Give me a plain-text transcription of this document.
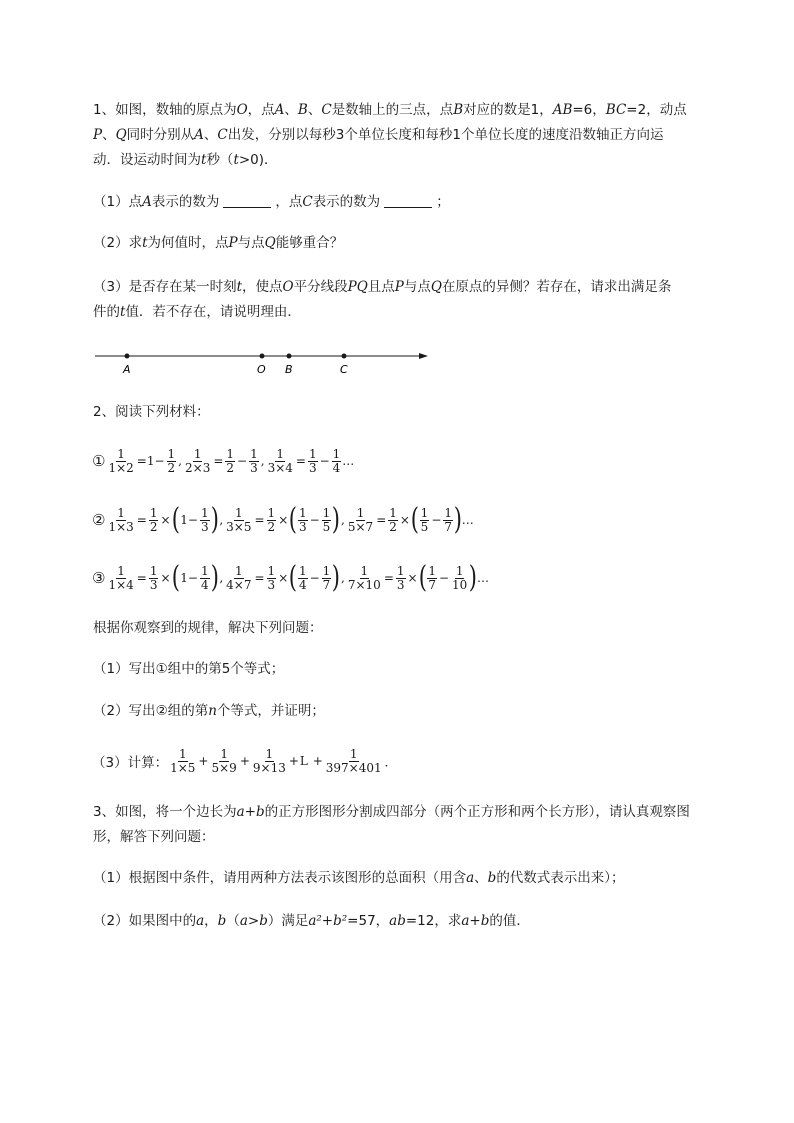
1、如图，数轴的原点为O，点A、B、C是数轴上的三点，点B对应的数是1，AB=6，BC=2，动点
P、Q同时分别从A、C出发，分别以每秒3个单位长度和每秒1个单位长度的速度沿数轴正方向运
动．设运动时间为t秒（t>0)．
（1）点A表示的数为	，点C表示的数为	；
（2）求t为何值时，点P与点Q能够重合？
（3）是否存在某一时刻t，使点O平分线段PQ且点P与点Q在原点的异侧？若存在，请求出满足条
件的t值．若不存在，请说明理由．
A	O B	C
2、阅读下列材料：
① $\frac{1}{1\times 2} =1- \frac{1}{2}$ , $\frac{1}{2\times 3} = \frac{1}{2} - \frac{1}{3}$ , $\frac{1}{3\times 4} = \frac{1}{3} - \frac{1}{4}$ …
② $\frac{1}{1\times 3} = \frac{1}{2}$ × ( $1- \frac{1}{3}$ ) , $\frac{1}{3\times 5} = \frac{1}{2}$ × ( $\frac{1}{3} - \frac{1}{5}$ ) , $\frac{1}{5\times 7} = \frac{1}{2}$ × ( $\frac{1}{5} - \frac{1}{7}$ ) …
③ $\frac{1}{1\times 4} = \frac{1}{3}$ × ( $1- \frac{1}{4}$ ) , $\frac{1}{4\times 7} = \frac{1}{3}$ × ( $\frac{1}{4} - \frac{1}{7}$ ) , $\frac{1}{7\times 10} = \frac{1}{3}$ × ( $\frac{1}{7} - \frac{1}{10}$ ) …
根据你观察到的规律，解决下列问题：
（1）写出①组中的第5个等式；
（2）写出②组的第n个等式，并证明；
（3）计算： $\frac{1}{1\times 5} + \frac{1}{5\times 9} + \frac{1}{9\times 13} + L + \frac{1}{397\times 401}$ ．
3、如图，将一个边长为a+b的正方形图形分割成四部分（两个正方形和两个长方形），请认真观察图
形，解答下列问题：
（1）根据图中条件，请用两种方法表示该图形的总面积（用含a、b的代数式表示出来）；
（2）如果图中的a，b（a>b）满足a²+b²=57，ab=12，求a+b的值．
